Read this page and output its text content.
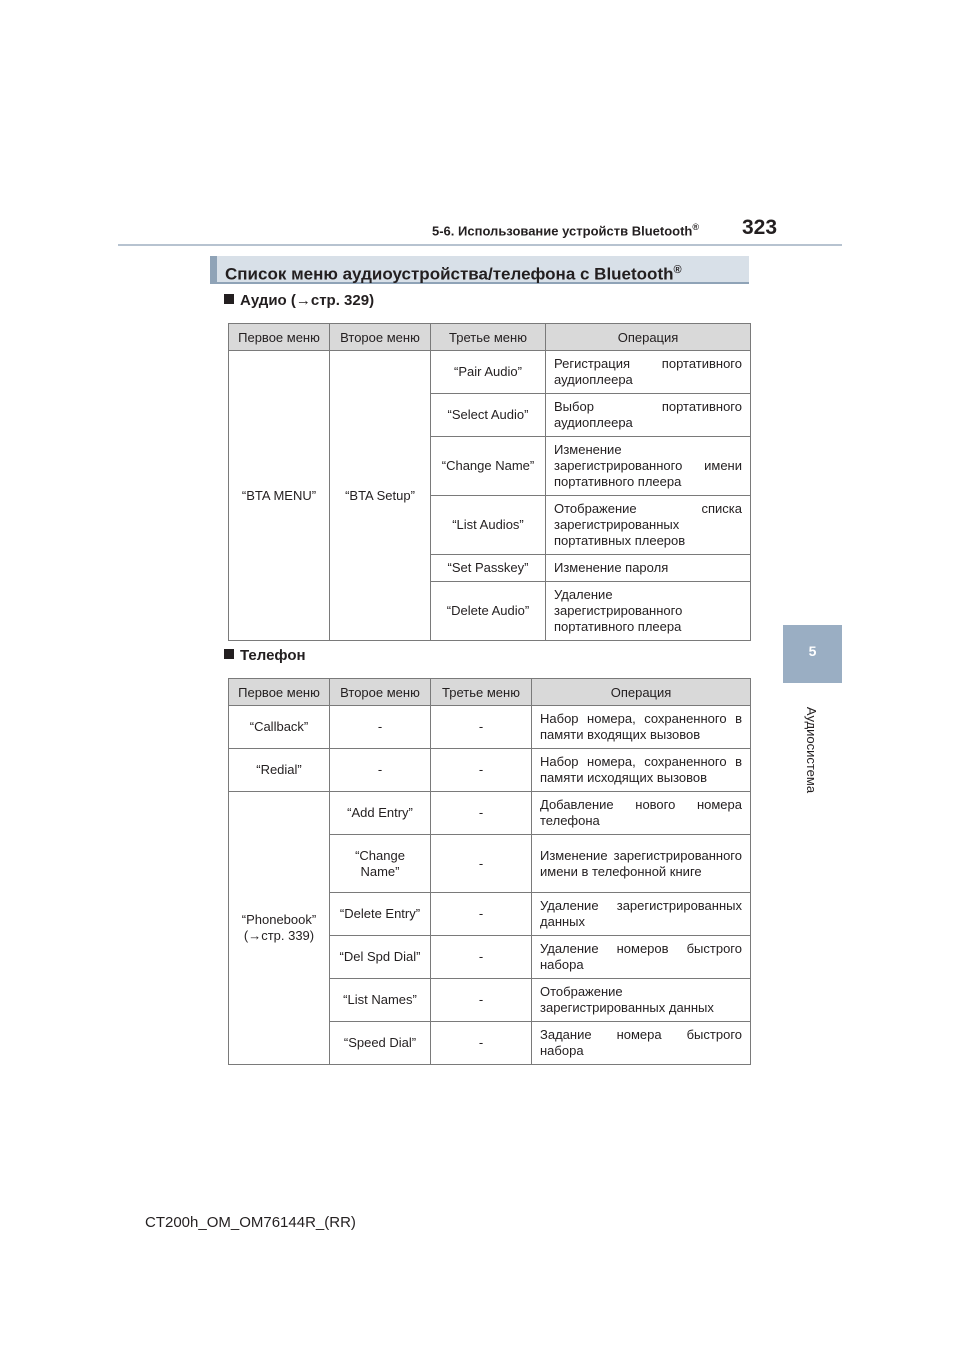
5-6. Использование устройств Bluetooth® 323
5
Аудиосистема
Список меню аудиоустройства/телефона с Bluetooth®
Аудио (→стр. 329)
Первое меню	Второе меню	Третье меню	Операция
“BTA MENU”	“BTA Setup”	“Pair Audio”	Регистрация портативного аудиоплеера
		“Select Audio”	Выбор портативного аудиоплеера
		“Change Name”	Изменение зарегистрированного имени портативного плеера
		“List Audios”	Отображение списка зарегистрированных портативных плееров
		“Set Passkey”	Изменение пароля
		“Delete Audio”	Удаление зарегистрированного портативного плеера
Телефон
Первое меню	Второе меню	Третье меню	Операция
“Callback”	-	-	Набор номера, сохраненного в памяти входящих вызовов
“Redial”	-	-	Набор номера, сохраненного в памяти исходящих вызовов
“Phonebook” (→стр. 339)	“Add Entry”	-	Добавление нового номера телефона
	“Change Name”	-	Изменение зарегистрированного имени в телефонной книге
	“Delete Entry”	-	Удаление зарегистрированных данных
	“Del Spd Dial”	-	Удаление номеров быстрого набора
	“List Names”	-	Отображение зарегистрированных данных
	“Speed Dial”	-	Задание номера быстрого набора
CT200h_OM_OM76144R_(RR)
